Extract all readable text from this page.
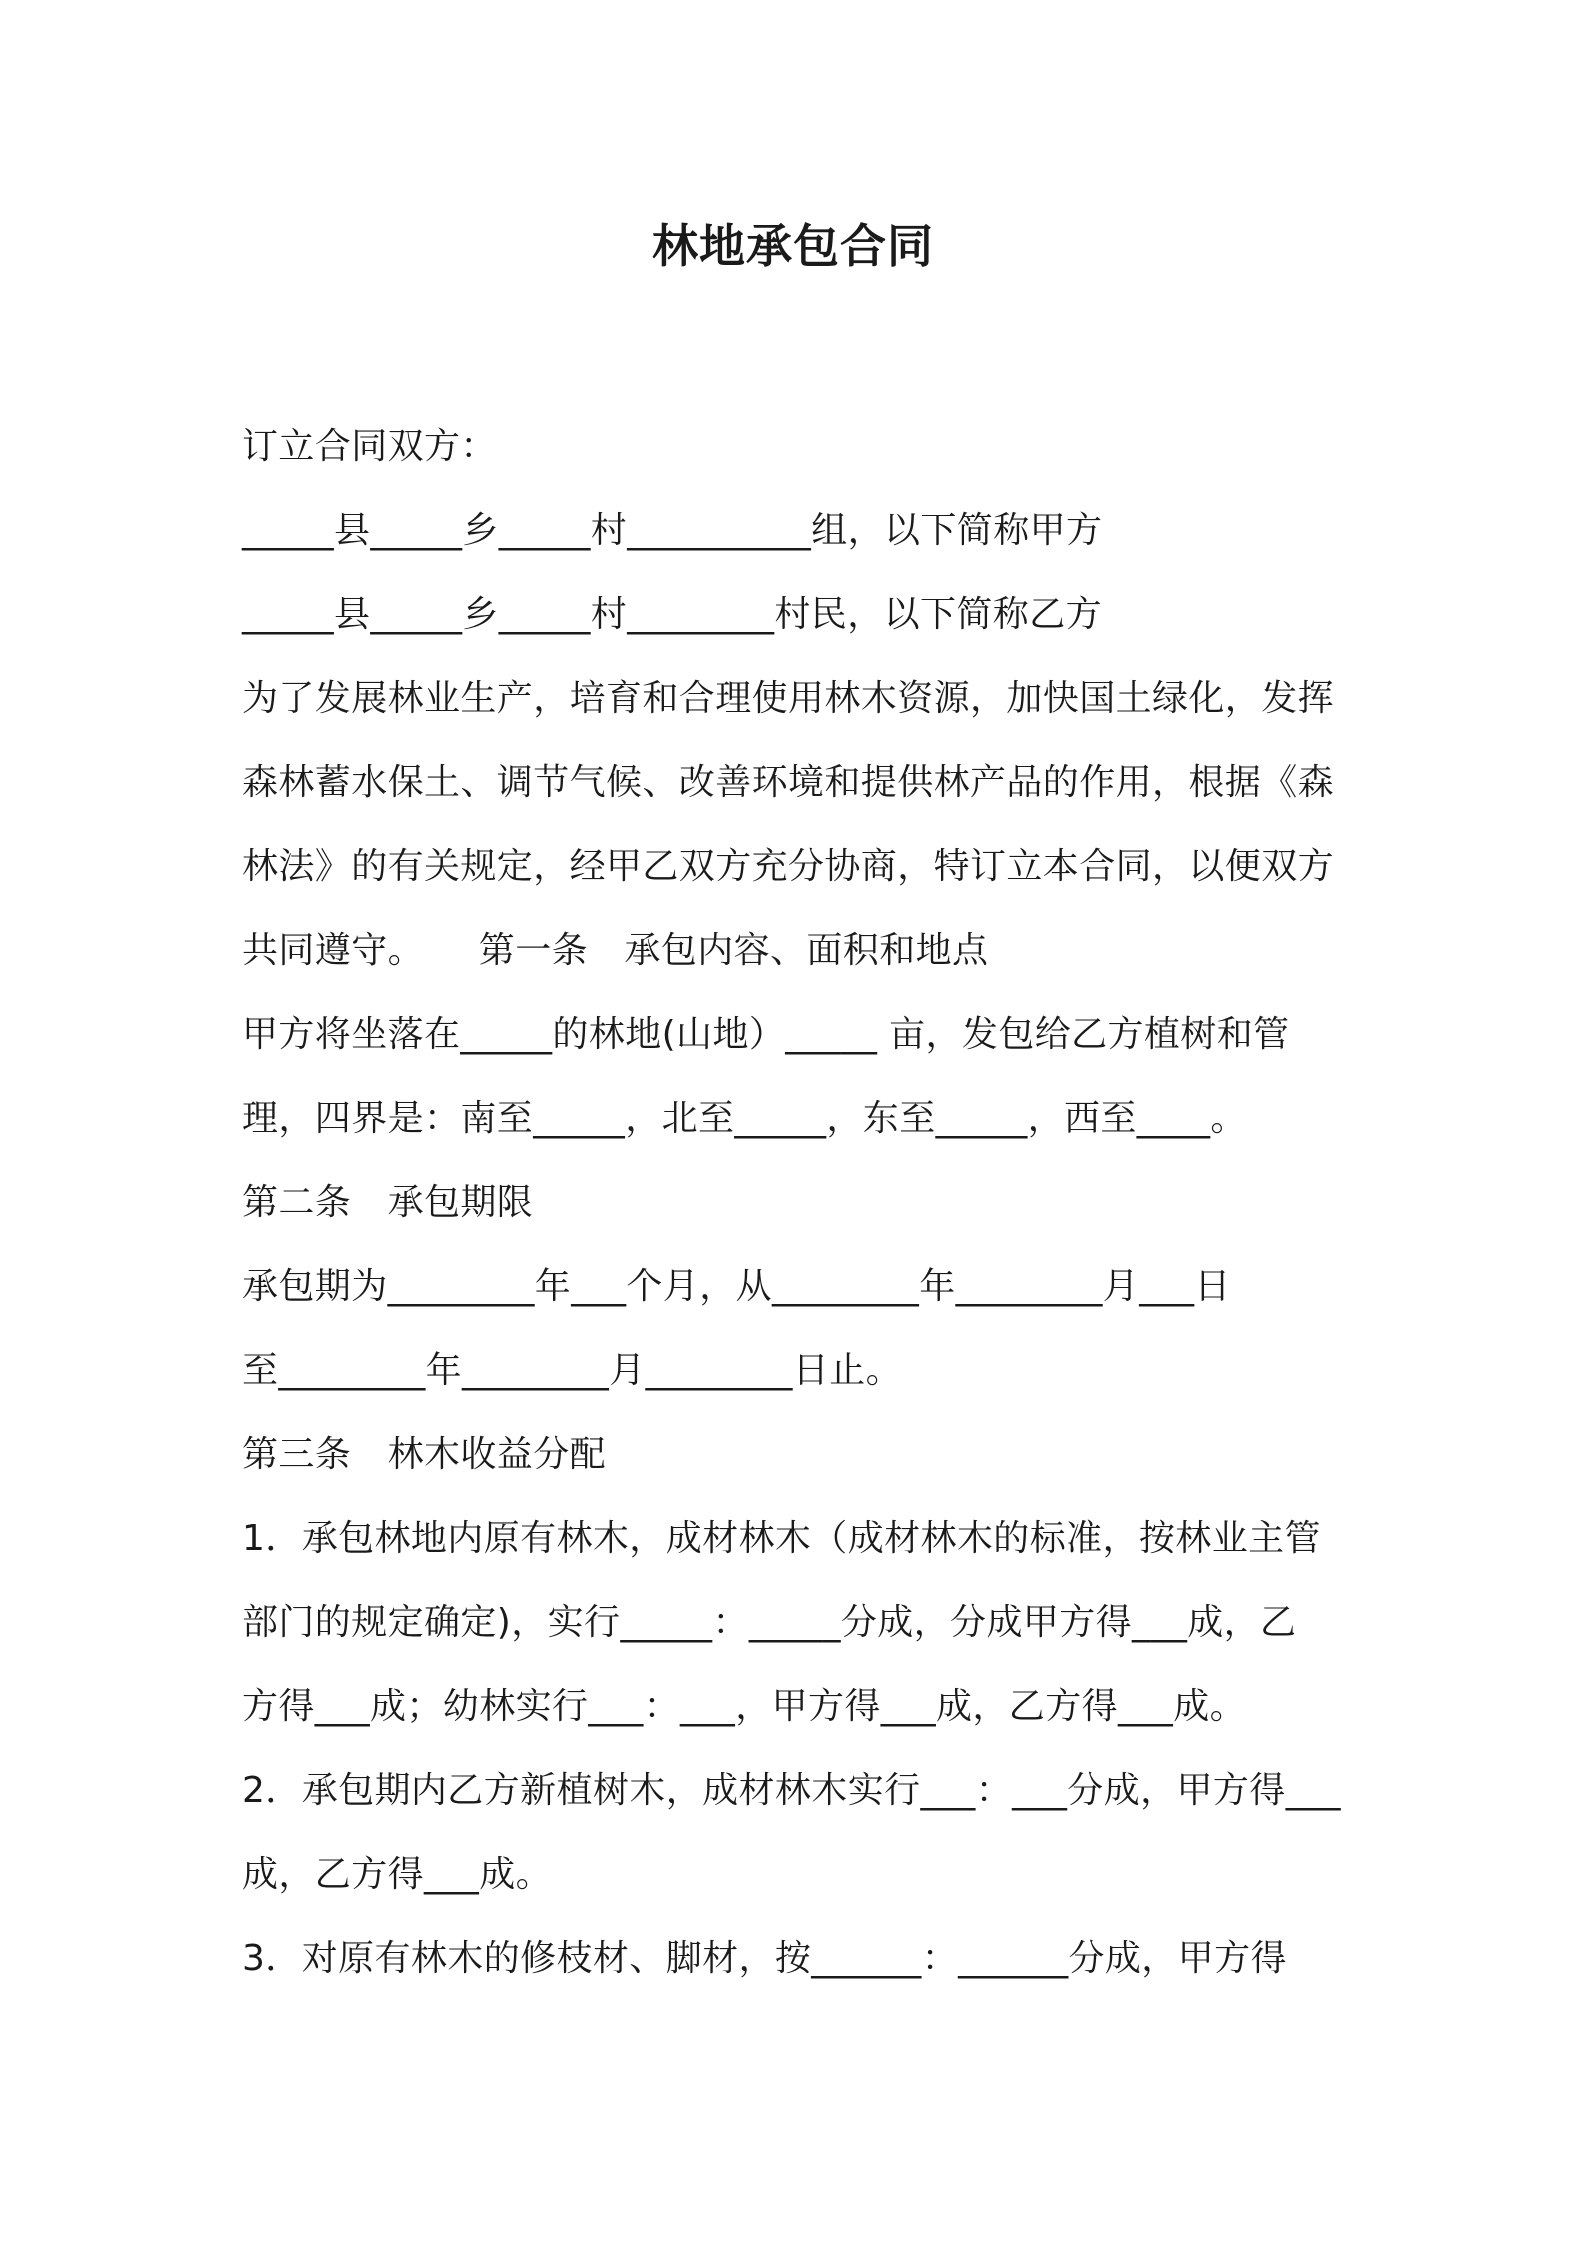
林地承包合同

订立合同双方：

_____县_____乡_____村__________组，以下简称甲方

_____县_____乡_____村________村民，以下简称乙方

为了发展林业生产，培育和合理使用林木资源，加快国土绿化，发挥

森林蓄水保土、调节气候、改善环境和提供林产品的作用，根据《森

林法》的有关规定，经甲乙双方充分协商，特订立本合同，以便双方

共同遵守。　　第一条　承包内容、面积和地点

甲方将坐落在_____的林地(山地）_____ 亩，发包给乙方植树和管

理，四界是：南至_____，北至_____，东至_____，西至____。

第二条　承包期限

承包期为________年___个月，从________年________月___日

至________年________月________日止。

第三条　林木收益分配

1．承包林地内原有林木，成材林木（成材林木的标准，按林业主管

部门的规定确定)，实行_____：_____分成，分成甲方得___成，乙

方得___成；幼林实行___：___，甲方得___成，乙方得___成。

2．承包期内乙方新植树木，成材林木实行___：___分成，甲方得___

成，乙方得___成。

3．对原有林木的修枝材、脚材，按______：______分成，甲方得
